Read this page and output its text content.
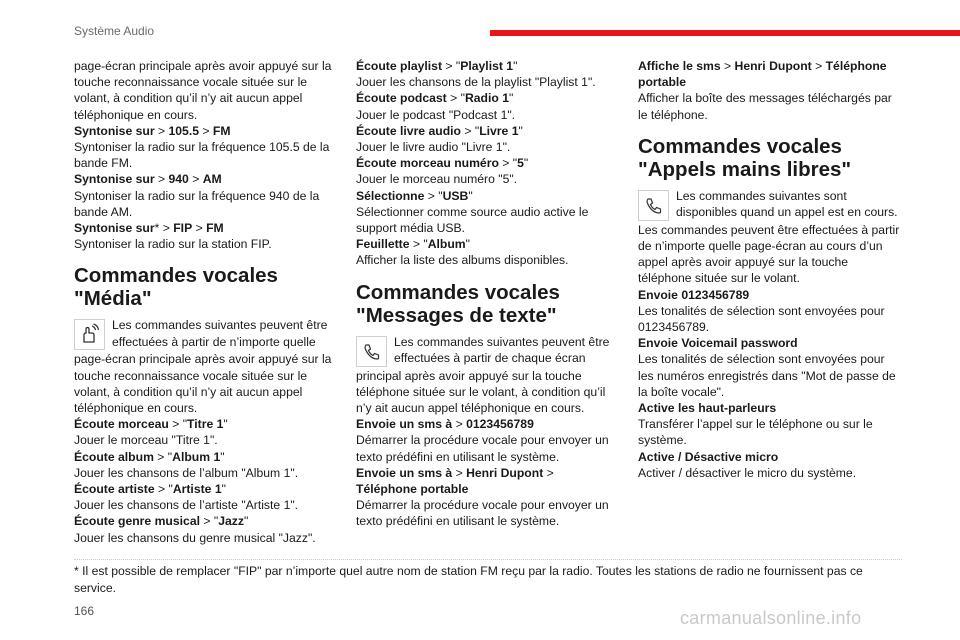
Système Audio

page-écran principale après avoir appuyé sur la touche reconnaissance vocale située sur le volant, à condition qu’il n’y ait aucun appel téléphonique en cours.

Syntonise sur > 105.5 > FM

Syntoniser la radio sur la fréquence 105.5 de la bande FM.

Syntonise sur > 940 > AM

Syntoniser la radio sur la fréquence 940 de la bande AM.

Syntonise sur* > FIP > FM

Syntoniser la radio sur la station FIP.

Commandes vocales "Média"

Les commandes suivantes peuvent être effectuées à partir de n’importe quelle

page-écran principale après avoir appuyé sur la touche reconnaissance vocale située sur le volant, à condition qu’il n’y ait aucun appel téléphonique en cours.

Écoute morceau > "Titre 1"

Jouer le morceau "Titre 1".

Écoute album > "Album 1"

Jouer les chansons de l’album "Album 1".

Écoute artiste > "Artiste 1"

Jouer les chansons de l’artiste "Artiste 1".

Écoute genre musical > "Jazz"

Jouer les chansons du genre musical "Jazz".

Écoute playlist > "Playlist 1"

Jouer les chansons de la playlist "Playlist 1".

Écoute podcast > "Radio 1"

Jouer le podcast "Podcast 1".

Écoute livre audio > "Livre 1"

Jouer le livre audio "Livre 1".

Écoute morceau numéro > "5"

Jouer le morceau numéro "5".

Sélectionne > "USB"

Sélectionner comme source audio active le support média USB.

Feuillette > "Album"

Afficher la liste des albums disponibles.

Commandes vocales "Messages de texte"

Les commandes suivantes peuvent être effectuées à partir de chaque écran

principal après avoir appuyé sur la touche téléphone située sur le volant, à condition qu’il n’y ait aucun appel téléphonique en cours.

Envoie un sms à > 0123456789

Démarrer la procédure vocale pour envoyer un texto prédéfini en utilisant le système.

Envoie un sms à > Henri Dupont > Téléphone portable

Démarrer la procédure vocale pour envoyer un texto prédéfini en utilisant le système.

Affiche le sms > Henri Dupont > Téléphone portable

Afficher la boîte des messages téléchargés par le téléphone.

Commandes vocales "Appels mains libres"

Les commandes suivantes sont disponibles quand un appel est en cours.

Les commandes peuvent être effectuées à partir de n’importe quelle page-écran au cours d’un appel après avoir appuyé sur la touche téléphone située sur le volant.

Envoie 0123456789

Les tonalités de sélection sont envoyées pour 0123456789.

Envoie Voicemail password

Les tonalités de sélection sont envoyées pour les numéros enregistrés dans "Mot de passe de la boîte vocale".

Active les haut-parleurs

Transférer l’appel sur le téléphone ou sur le système.

Active / Désactive micro

Activer / désactiver le micro du système.

* Il est possible de remplacer "FIP" par n’importe quel autre nom de station FM reçu par la radio. Toutes les stations de radio ne fournissent pas ce service.
166	carmanualsonline.info
